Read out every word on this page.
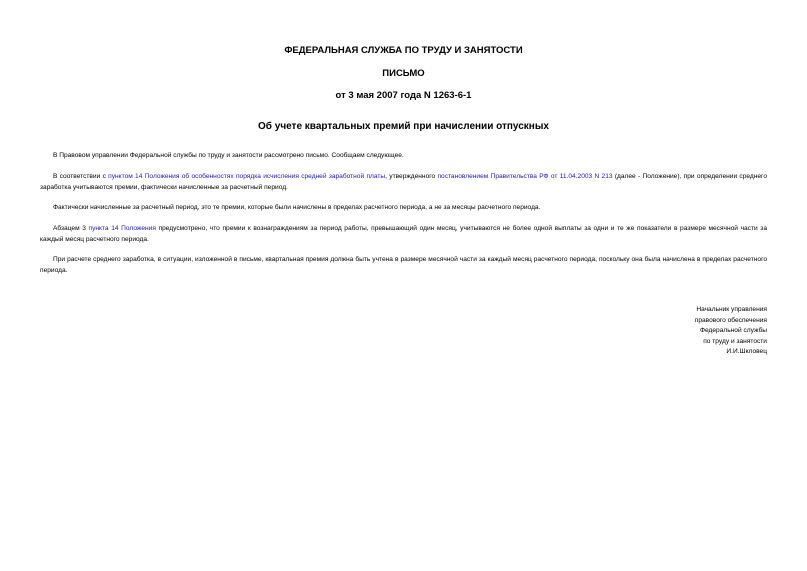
ФЕДЕРАЛЬНАЯ СЛУЖБА ПО ТРУДУ И ЗАНЯТОСТИ
ПИСЬМО
от 3 мая 2007 года N 1263-6-1
Об учете квартальных премий при начислении отпускных

В Правовом управлении Федеральной службы по труду и занятости рассмотрено письмо. Сообщаем следующее.

В соответствии с пунктом 14 Положения об особенностях порядка исчисления средней заработной платы, утвержденного постановлением Правительства РФ от 11.04.2003 N 213 (далее - Положение), при определении среднего заработка учитываются премии, фактически начисленные за расчетный период.

Фактически начисленные за расчетный период, это те премии, которые были начислены в пределах расчетного периода, а не за месяцы расчетного периода.

Абзацем 3 пункта 14 Положения предусмотрено, что премии к вознаграждениям за период работы, превышающий один месяц, учитываются не более одной выплаты за одни и те же показатели в размере месячной части за каждый месяц расчетного периода.

При расчете среднего заработка, в ситуации, изложенной в письме, квартальная премия должна быть учтена в размере месячной части за каждый месяц расчетного периода, поскольку она была начислена в пределах расчетного периода.

Начальник управления
правового обеспечения
Федеральной службы
по труду и занятости
И.И.Шкловец
